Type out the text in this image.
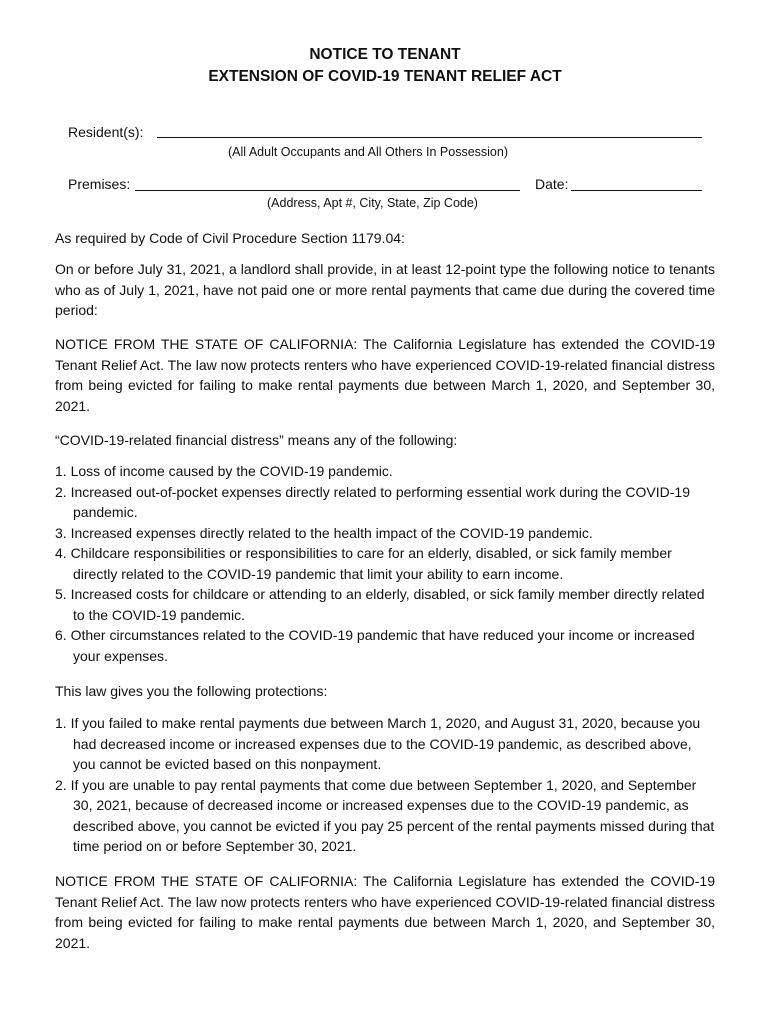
NOTICE TO TENANT
EXTENSION OF COVID-19 TENANT RELIEF ACT
Resident(s):
(All Adult Occupants and All Others In Possession)
Premises:
(Address, Apt #, City, State, Zip Code)
Date:

As required by Code of Civil Procedure Section 1179.04:

On or before July 31, 2021, a landlord shall provide, in at least 12-point type the following notice to tenants who as of July 1, 2021, have not paid one or more rental payments that came due during the covered time period:

NOTICE FROM THE STATE OF CALIFORNIA: The California Legislature has extended the COVID-19 Tenant Relief Act. The law now protects renters who have experienced COVID-19-related financial distress from being evicted for failing to make rental payments due between March 1, 2020, and September 30, 2021.

“COVID-19-related financial distress” means any of the following:

1. Loss of income caused by the COVID-19 pandemic.
2. Increased out-of-pocket expenses directly related to performing essential work during the COVID-19 pandemic.
3. Increased expenses directly related to the health impact of the COVID-19 pandemic.
4. Childcare responsibilities or responsibilities to care for an elderly, disabled, or sick family member directly related to the COVID-19 pandemic that limit your ability to earn income.
5. Increased costs for childcare or attending to an elderly, disabled, or sick family member directly related to the COVID-19 pandemic.
6. Other circumstances related to the COVID-19 pandemic that have reduced your income or increased your expenses.

This law gives you the following protections:

1. If you failed to make rental payments due between March 1, 2020, and August 31, 2020, because you had decreased income or increased expenses due to the COVID-19 pandemic, as described above, you cannot be evicted based on this nonpayment.
2. If you are unable to pay rental payments that come due between September 1, 2020, and September 30, 2021, because of decreased income or increased expenses due to the COVID-19 pandemic, as described above, you cannot be evicted if you pay 25 percent of the rental payments missed during that time period on or before September 30, 2021.

NOTICE FROM THE STATE OF CALIFORNIA: The California Legislature has extended the COVID-19 Tenant Relief Act. The law now protects renters who have experienced COVID-19-related financial distress from being evicted for failing to make rental payments due between March 1, 2020, and September 30, 2021.
